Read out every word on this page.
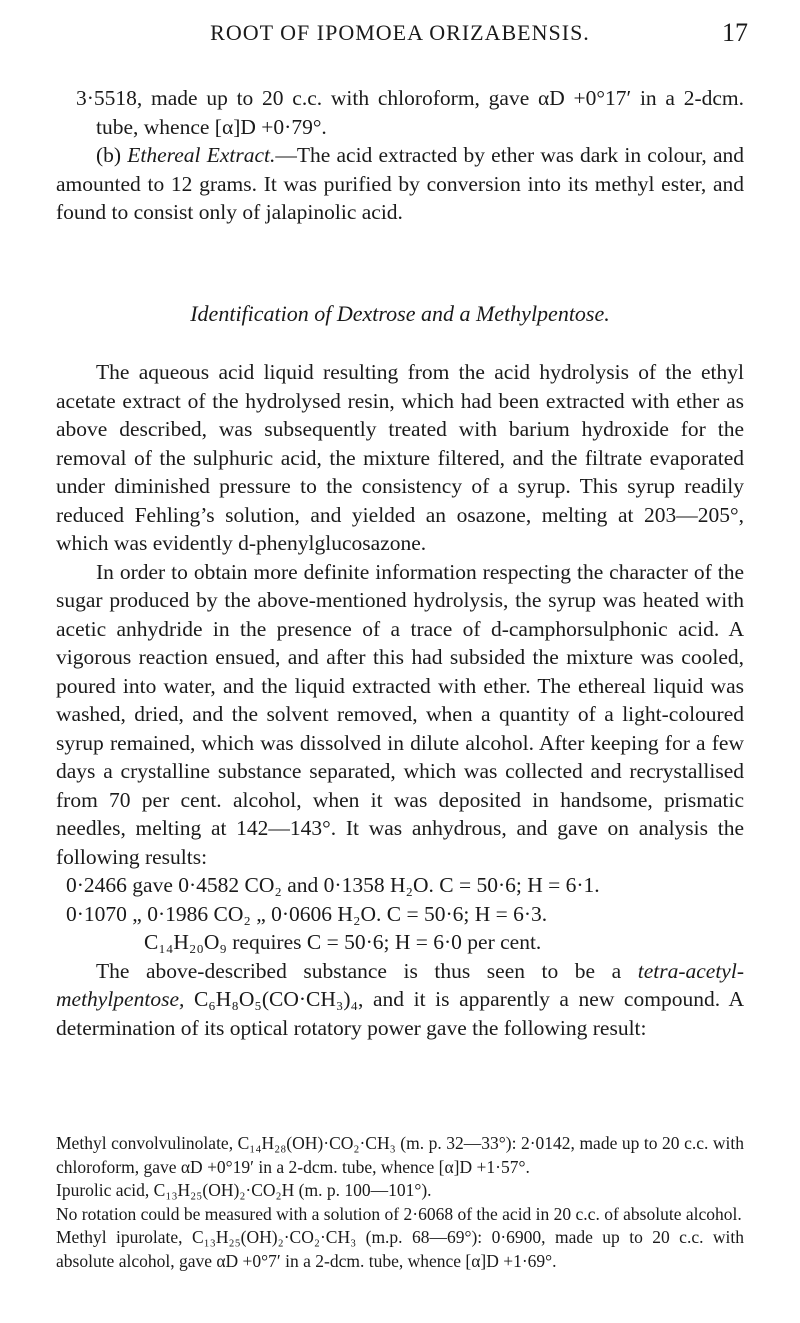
ROOT OF IPOMOEA ORIZABENSIS.	17

3·5518, made up to 20 c.c. with chloroform, gave αD +0°17′ in a 2-dcm. tube, whence [α]D +0·79°.

(b) Ethereal Extract.—The acid extracted by ether was dark in colour, and amounted to 12 grams. It was purified by conversion into its methyl ester, and found to consist only of jalapinolic acid.

Identification of Dextrose and a Methylpentose.

The aqueous acid liquid resulting from the acid hydrolysis of the ethyl acetate extract of the hydrolysed resin, which had been extracted with ether as above described, was subsequently treated with barium hydroxide for the removal of the sulphuric acid, the mixture filtered, and the filtrate evaporated under diminished pressure to the consistency of a syrup. This syrup readily reduced Fehling’s solution, and yielded an osazone, melting at 203—205°, which was evidently d-phenylglucosazone.

In order to obtain more definite information respecting the character of the sugar produced by the above-mentioned hydrolysis, the syrup was heated with acetic anhydride in the presence of a trace of d-camphorsulphonic acid. A vigorous reaction ensued, and after this had subsided the mixture was cooled, poured into water, and the liquid extracted with ether. The ethereal liquid was washed, dried, and the solvent removed, when a quantity of a light-coloured syrup remained, which was dissolved in dilute alcohol. After keeping for a few days a crystalline substance separated, which was collected and recrystallised from 70 per cent. alcohol, when it was deposited in handsome, prismatic needles, melting at 142—143°. It was anhydrous, and gave on analysis the following results:

0·2466 gave 0·4582 CO₂ and 0·1358 H₂O. C = 50·6; H = 6·1.

0·1070 „ 0·1986 CO₂ „ 0·0606 H₂O. C = 50·6; H = 6·3.

C₁₄H₂₀O₉ requires C = 50·6; H = 6·0 per cent.

The above-described substance is thus seen to be a tetra-acetyl-methylpentose, C₆H₈O₅(CO·CH₃)₄, and it is apparently a new compound. A determination of its optical rotatory power gave the following result:

Methyl convolvulinolate, C₁₄H₂₈(OH)·CO₂·CH₃ (m. p. 32—33°): 2·0142, made up to 20 c.c. with chloroform, gave αD +0°19′ in a 2-dcm. tube, whence [α]D +1·57°.

Ipurolic acid, C₁₃H₂₅(OH)₂·CO₂H (m. p. 100—101°).

No rotation could be measured with a solution of 2·6068 of the acid in 20 c.c. of absolute alcohol.

Methyl ipurolate, C₁₃H₂₅(OH)₂·CO₂·CH₃ (m.p. 68—69°): 0·6900, made up to 20 c.c. with absolute alcohol, gave αD +0°7′ in a 2-dcm. tube, whence [α]D +1·69°.
